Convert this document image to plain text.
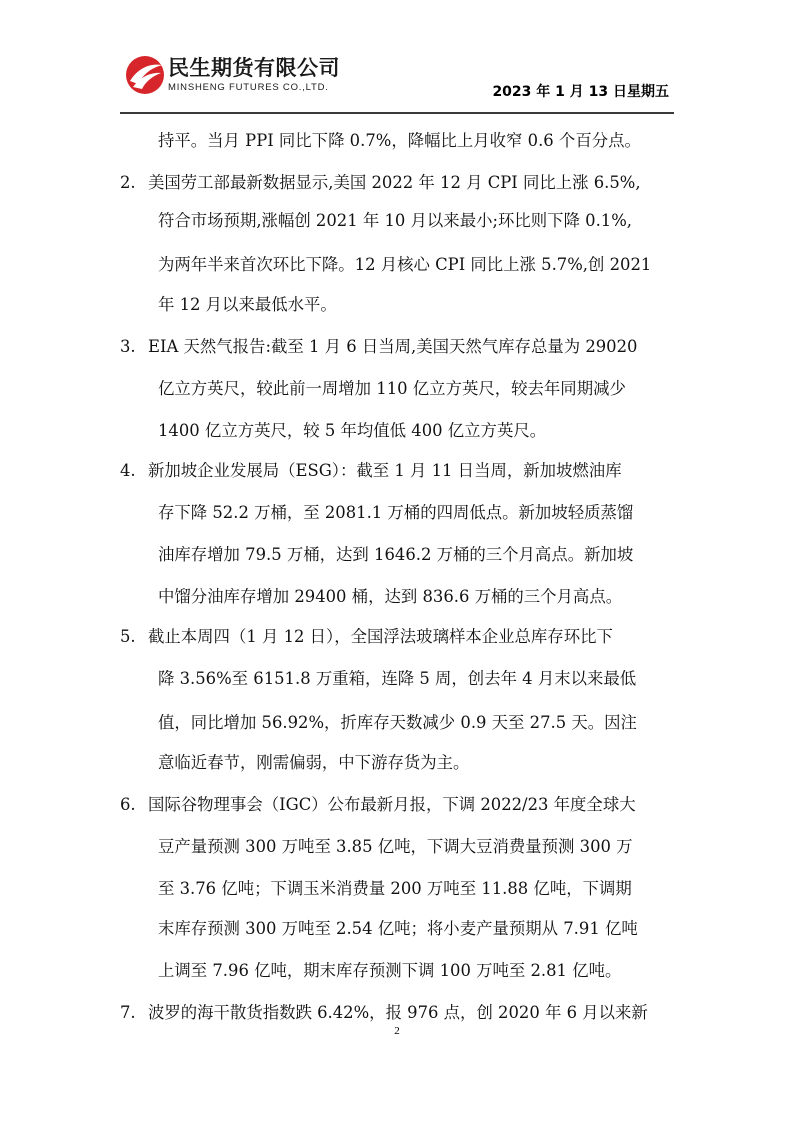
民生期货有限公司
MINSHENG FUTURES CO.,LTD.	2023 年 1 月 13 日星期五
持平。当月 PPI 同比下降 0.7%，降幅比上月收窄 0.6 个百分点。
2. 美国劳工部最新数据显示,美国 2022 年 12 月 CPI 同比上涨 6.5%,
符合市场预期,涨幅创 2021 年 10 月以来最小;环比则下降 0.1%,
为两年半来首次环比下降。12 月核心 CPI 同比上涨 5.7%,创 2021
年 12 月以来最低水平。
3. EIA 天然气报告:截至 1 月 6 日当周,美国天然气库存总量为 29020
亿立方英尺，较此前一周增加 110 亿立方英尺，较去年同期减少
1400 亿立方英尺，较 5 年均值低 400 亿立方英尺。
4. 新加坡企业发展局（ESG）：截至 1 月 11 日当周，新加坡燃油库
存下降 52.2 万桶，至 2081.1 万桶的四周低点。新加坡轻质蒸馏
油库存增加 79.5 万桶，达到 1646.2 万桶的三个月高点。新加坡
中馏分油库存增加 29400 桶，达到 836.6 万桶的三个月高点。
5. 截止本周四（1 月 12 日），全国浮法玻璃样本企业总库存环比下
降 3.56%至 6151.8 万重箱，连降 5 周，创去年 4 月末以来最低
值，同比增加 56.92%，折库存天数减少 0.9 天至 27.5 天。因注
意临近春节，刚需偏弱，中下游存货为主。
6. 国际谷物理事会（IGC）公布最新月报，下调 2022/23 年度全球大
豆产量预测 300 万吨至 3.85 亿吨，下调大豆消费量预测 300 万
至 3.76 亿吨；下调玉米消费量 200 万吨至 11.88 亿吨，下调期
末库存预测 300 万吨至 2.54 亿吨；将小麦产量预期从 7.91 亿吨
上调至 7.96 亿吨，期末库存预测下调 100 万吨至 2.81 亿吨。
7. 波罗的海干散货指数跌 6.42%，报 976 点，创 2020 年 6 月以来新
2
